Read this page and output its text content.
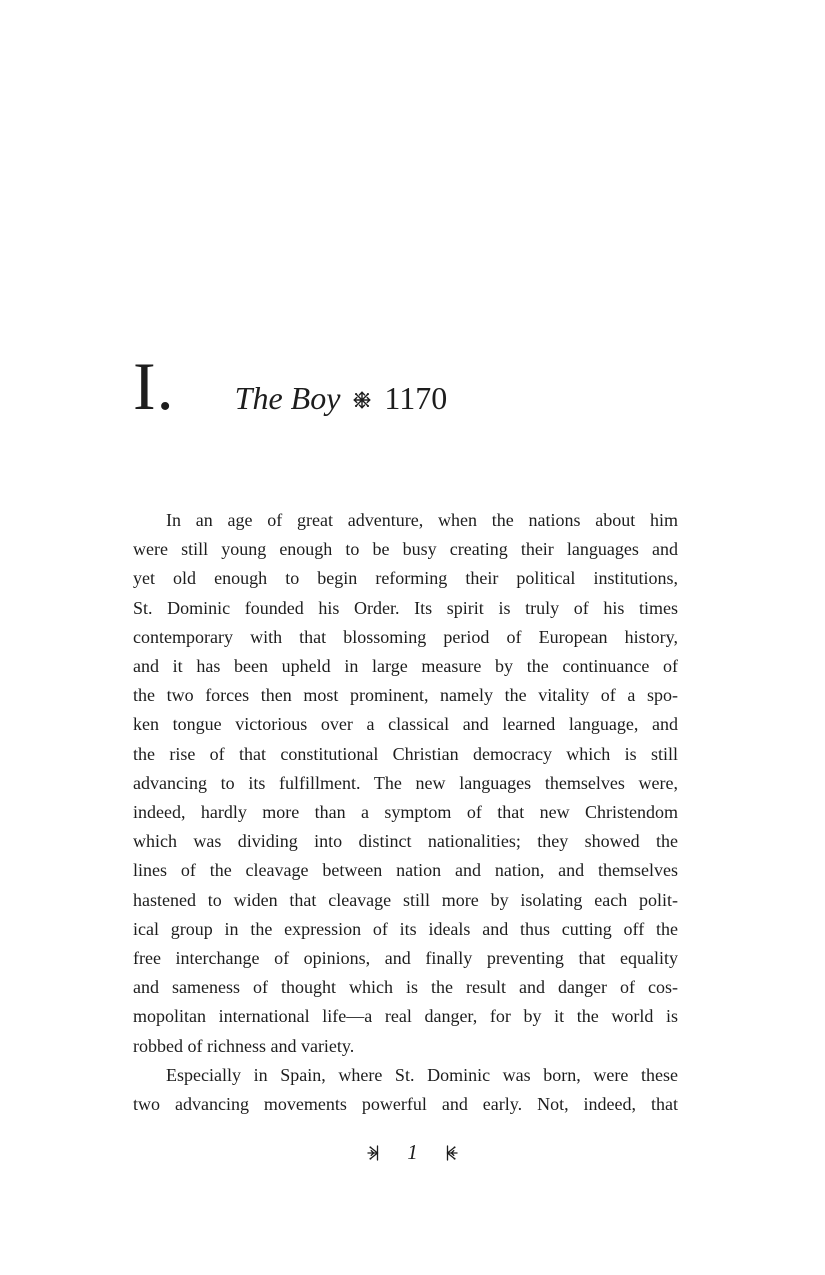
I. The Boy 1170
In an age of great adventure, when the nations about him
were still young enough to be busy creating their languages and
yet old enough to begin reforming their political institutions,
St. Dominic founded his Order. Its spirit is truly of his times
contemporary with that blossoming period of European history,
and it has been upheld in large measure by the continuance of
the two forces then most prominent, namely the vitality of a spo-
ken tongue victorious over a classical and learned language, and
the rise of that constitutional Christian democracy which is still
advancing to its fulfillment. The new languages themselves were,
indeed, hardly more than a symptom of that new Christendom
which was dividing into distinct nationalities; they showed the
lines of the cleavage between nation and nation, and themselves
hastened to widen that cleavage still more by isolating each polit-
ical group in the expression of its ideals and thus cutting off the
free interchange of opinions, and finally preventing that equality
and sameness of thought which is the result and danger of cos-
mopolitan international life—a real danger, for by it the world is
robbed of richness and variety.
Especially in Spain, where St. Dominic was born, were these
two advancing movements powerful and early. Not, indeed, that
1
